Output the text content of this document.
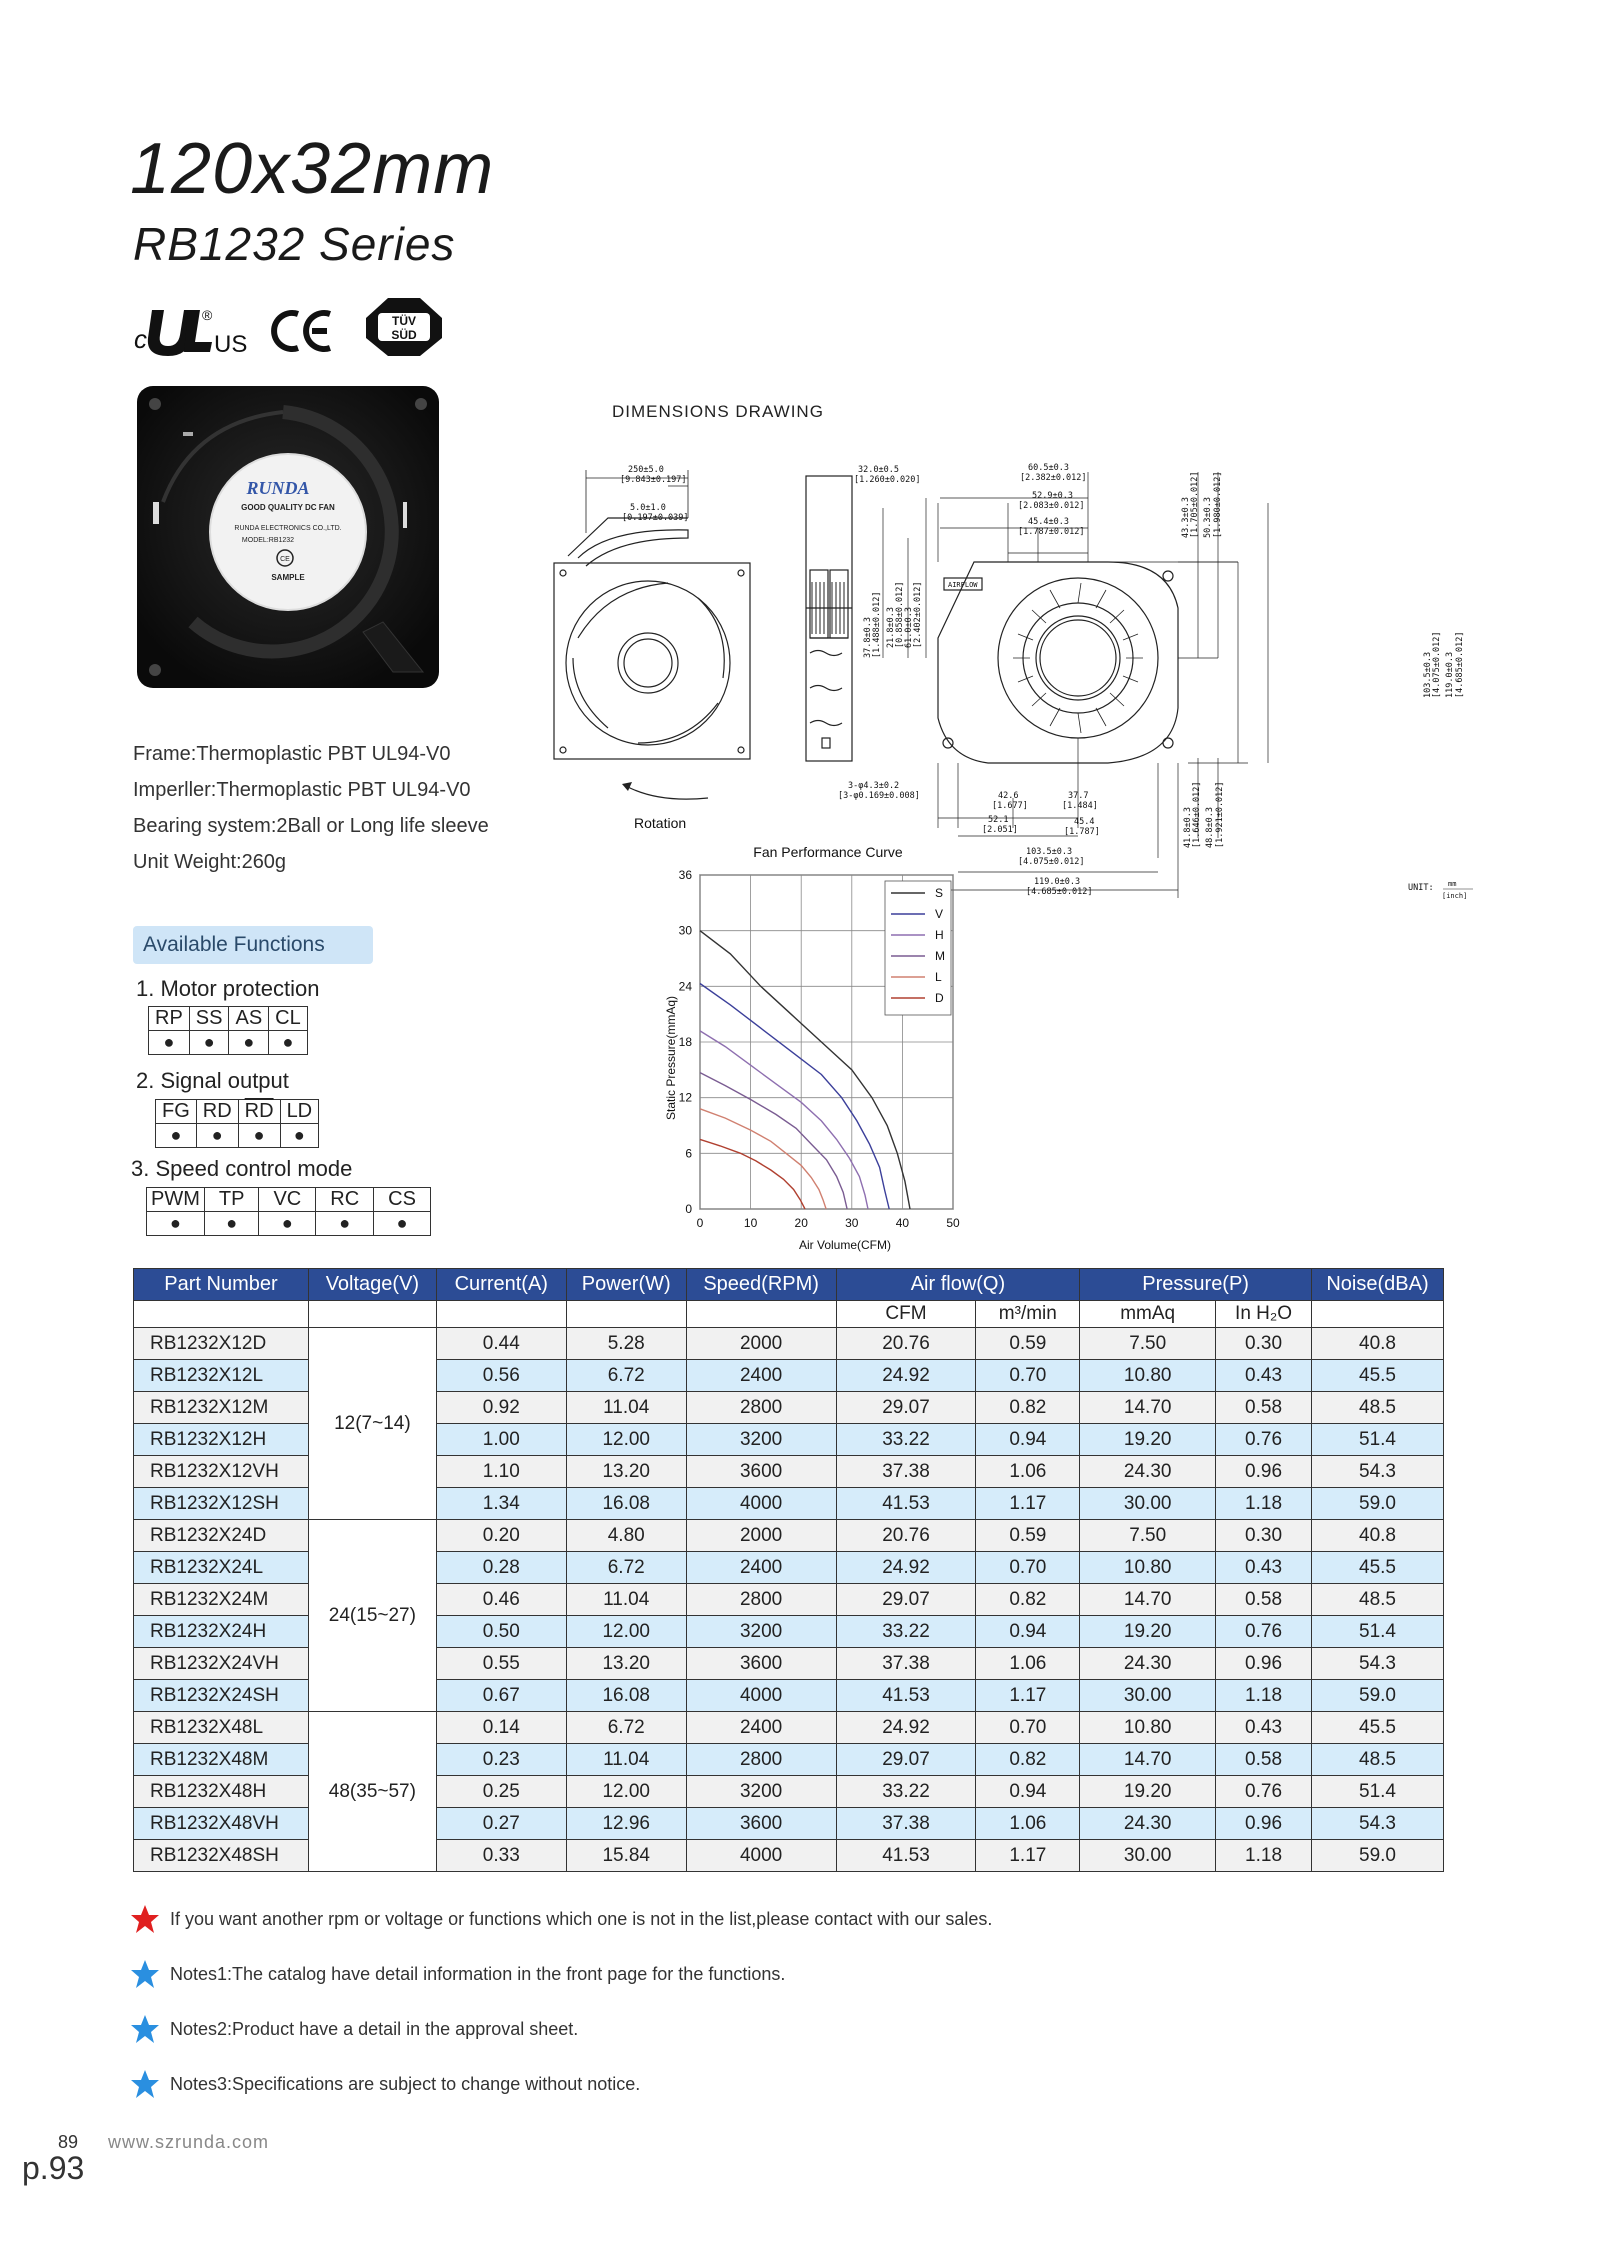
120x32mm
RB1232 Series
c
®
US
TÜV
SÜD
RUNDA
GOOD QUALITY DC FAN
RUNDA ELECTRONICS CO.,LTD.
MODEL:RB1232
CE
SAMPLE
Frame:Thermoplastic PBT UL94-V0
Imperller:Thermoplastic PBT UL94-V0
Bearing system:2Ball or Long life sleeve
Unit Weight:260g
Available Functions
1. Motor protection
RP	SS	AS	CL
●	●	●	●
2. Signal output
FG	RD	$\overline{RD}$	LD
●	●	●	●
3. Speed control mode
PWM	TP	VC	RC	CS
●	●	●	●	●
DIMENSIONS DRAWING
250±5.0
[9.843±0.197]
5.0±1.0
[0.197±0.039]
Rotation
32.0±0.5
[1.260±0.020]
AIRFLOW
60.5±0.3
[2.382±0.012]
52.9±0.3
[2.083±0.012]
45.4±0.3
[1.787±0.012]	43.3±0.3 [1.705±0.012] 50.3±0.3 [1.980±0.012]
37.8±0.3 [1.488±0.012] 21.8±0.3 [0.858±0.012] 61.0±0.3 [2.402±0.012]
103.5±0.3 [4.075±0.012] 119.0±0.3 [4.685±0.012]
3-φ4.3±0.2
[3-φ0.169±0.008]	42.6
[1.677]
37.7
[1.484]
52.1
[2.051]
45.4
[1.787]
103.5±0.3
[4.075±0.012]
119.0±0.3
[4.685±0.012]
41.8±0.3 [1.646±0.012] 48.8±0.3 [1.921±0.012]
UNIT: mm
[inch]
Fan Performance Curve
Static Pressure(mmAq)
Air Volume(CFM)
0	10	20	30	40	50
0
6
12
18
24
30
36
S
V
H
M
L
D
Part Number	Voltage(V)	Current(A)	Power(W)	Speed(RPM)	Air flow(Q)		Pressure(P)		Noise(dBA)
					CFM	m³/min	mmAq	In H₂O	
RB1232X12D	12(7~14)	0.44	5.28	2000	20.76	0.59	7.50	0.30	40.8
RB1232X12L		0.56	6.72	2400	24.92	0.70	10.80	0.43	45.5
RB1232X12M		0.92	11.04	2800	29.07	0.82	14.70	0.58	48.5
RB1232X12H		1.00	12.00	3200	33.22	0.94	19.20	0.76	51.4
RB1232X12VH		1.10	13.20	3600	37.38	1.06	24.30	0.96	54.3
RB1232X12SH		1.34	16.08	4000	41.53	1.17	30.00	1.18	59.0
RB1232X24D	24(15~27)	0.20	4.80	2000	20.76	0.59	7.50	0.30	40.8
RB1232X24L		0.28	6.72	2400	24.92	0.70	10.80	0.43	45.5
RB1232X24M		0.46	11.04	2800	29.07	0.82	14.70	0.58	48.5
RB1232X24H		0.50	12.00	3200	33.22	0.94	19.20	0.76	51.4
RB1232X24VH		0.55	13.20	3600	37.38	1.06	24.30	0.96	54.3
RB1232X24SH		0.67	16.08	4000	41.53	1.17	30.00	1.18	59.0
RB1232X48L	48(35~57)	0.14	6.72	2400	24.92	0.70	10.80	0.43	45.5
RB1232X48M		0.23	11.04	2800	29.07	0.82	14.70	0.58	48.5
RB1232X48H		0.25	12.00	3200	33.22	0.94	19.20	0.76	51.4
RB1232X48VH		0.27	12.96	3600	37.38	1.06	24.30	0.96	54.3
RB1232X48SH		0.33	15.84	4000	41.53	1.17	30.00	1.18	59.0
If you want another rpm or voltage or functions which one is not in the list,please contact with our sales.
Notes1:The catalog have detail information in the front page for the functions.
Notes2:Product have a detail in the approval sheet.
Notes3:Specifications are subject to change without notice.
89 www.szrunda.com
p.93
